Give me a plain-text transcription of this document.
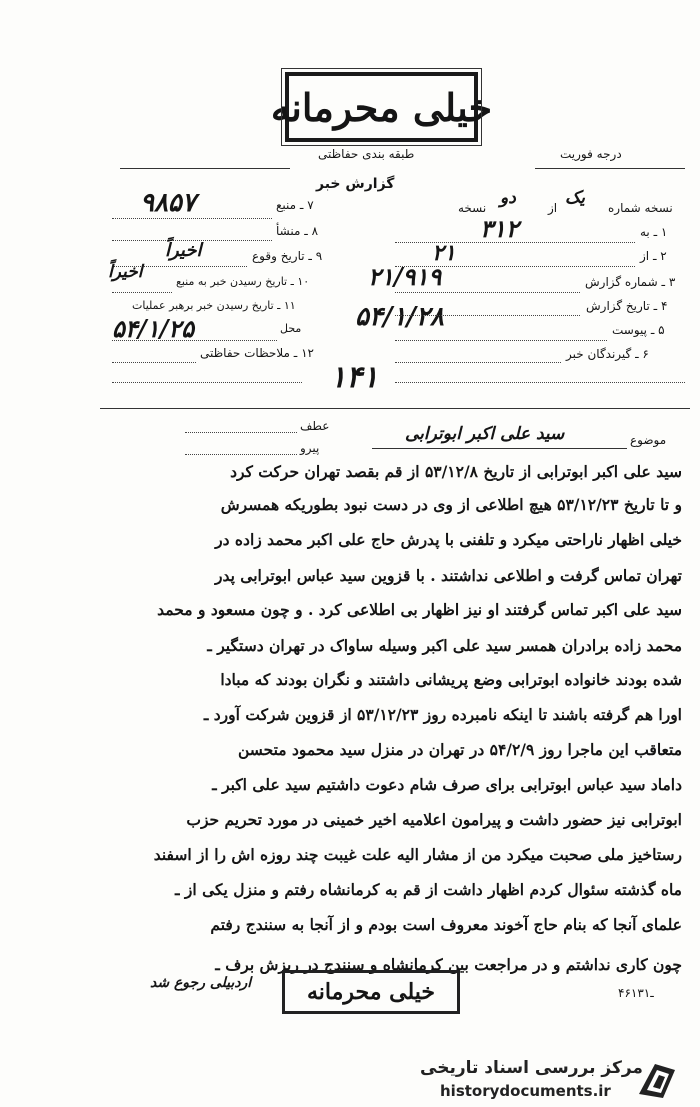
خیلی محرمانه
طبقه بندی حفاظتی	درجه فوریت
گزارش خبر
۷ ـ منبع
۹۸۵۷
۸ ـ منشأ
۹ ـ تاریخ وقوع
اخیراً
۱۰ ـ تاریخ رسیدن خبر به منبع
اخیراً
۱۱ ـ تاریخ رسیدن خبر برهبر عملیات
محل
۵۴/۱/۲۵
۱۲ ـ ملاحظات حفاظتی
نسخه شماره
یک
از
دو
نسخه
۱ ـ به
۳۱۲
۲ ـ از
۲۱
۳ ـ شماره گزارش
۲۱/۹۱۹
۴ ـ تاریخ گزارش
۵۴/۱/۲۸	۵ ـ پیوست
۶ ـ گیرندگان خبر
۱۴۱
عطف
پیرو
موضوع
سید علی اکبر ابوترابی
سید علی اکبر ابوترابی از تاریخ ۵۳/۱۲/۸ از قم بقصد تهران حرکت کرد
و تا تاریخ ۵۳/۱۲/۲۳ هیچ اطلاعی از وی در دست نبود بطوریکه همسرش
خیلی اظهار ناراحتی میکرد و تلفنی با پدرش حاج علی اکبر محمد زاده در
تهران تماس گرفت و اطلاعی نداشتند . با قزوین سید عباس ابوترابی پدر
سید علی اکبر تماس گرفتند او نیز اظهار بی اطلاعی کرد . و چون مسعود و محمد
محمد زاده برادران همسر سید علی اکبر وسیله ساواک در تهران دستگیر ـ
شده بودند خانواده ابوترابی وضع پریشانی داشتند و نگران بودند که مبادا
اورا هم گرفته باشند تا اینکه نامبرده روز ۵۳/۱۲/۲۳ از قزوین شرکت آورد ـ
متعاقب این ماجرا روز ۵۴/۲/۹ در تهران در منزل سید محمود متحسن
داماد سید عباس ابوترابی برای صرف شام دعوت داشتیم سید علی اکبر ـ
ابوترابی نیز حضور داشت و پیرامون اعلامیه اخیر خمینی در مورد تحریم حزب
رستاخیز ملی صحبت میکرد من از مشار الیه علت غیبت چند روزه اش را از اسفند
ماه گذشته سئوال کردم اظهار داشت از قم به کرمانشاه رفتم و منزل یکی از ـ
علمای آنجا که بنام حاج آخوند معروف است بودم و از آنجا به سنندج رفتم
چون کاری نداشتم و در مراجعت بین کرمانشاه و سنندج در ریزش برف ـ
خیلی محرمانه
اردبیلی رجوع شد
۴۶ـ۱۳۱
مرکز بررسی اسناد تاریخی
historydocuments.ir
